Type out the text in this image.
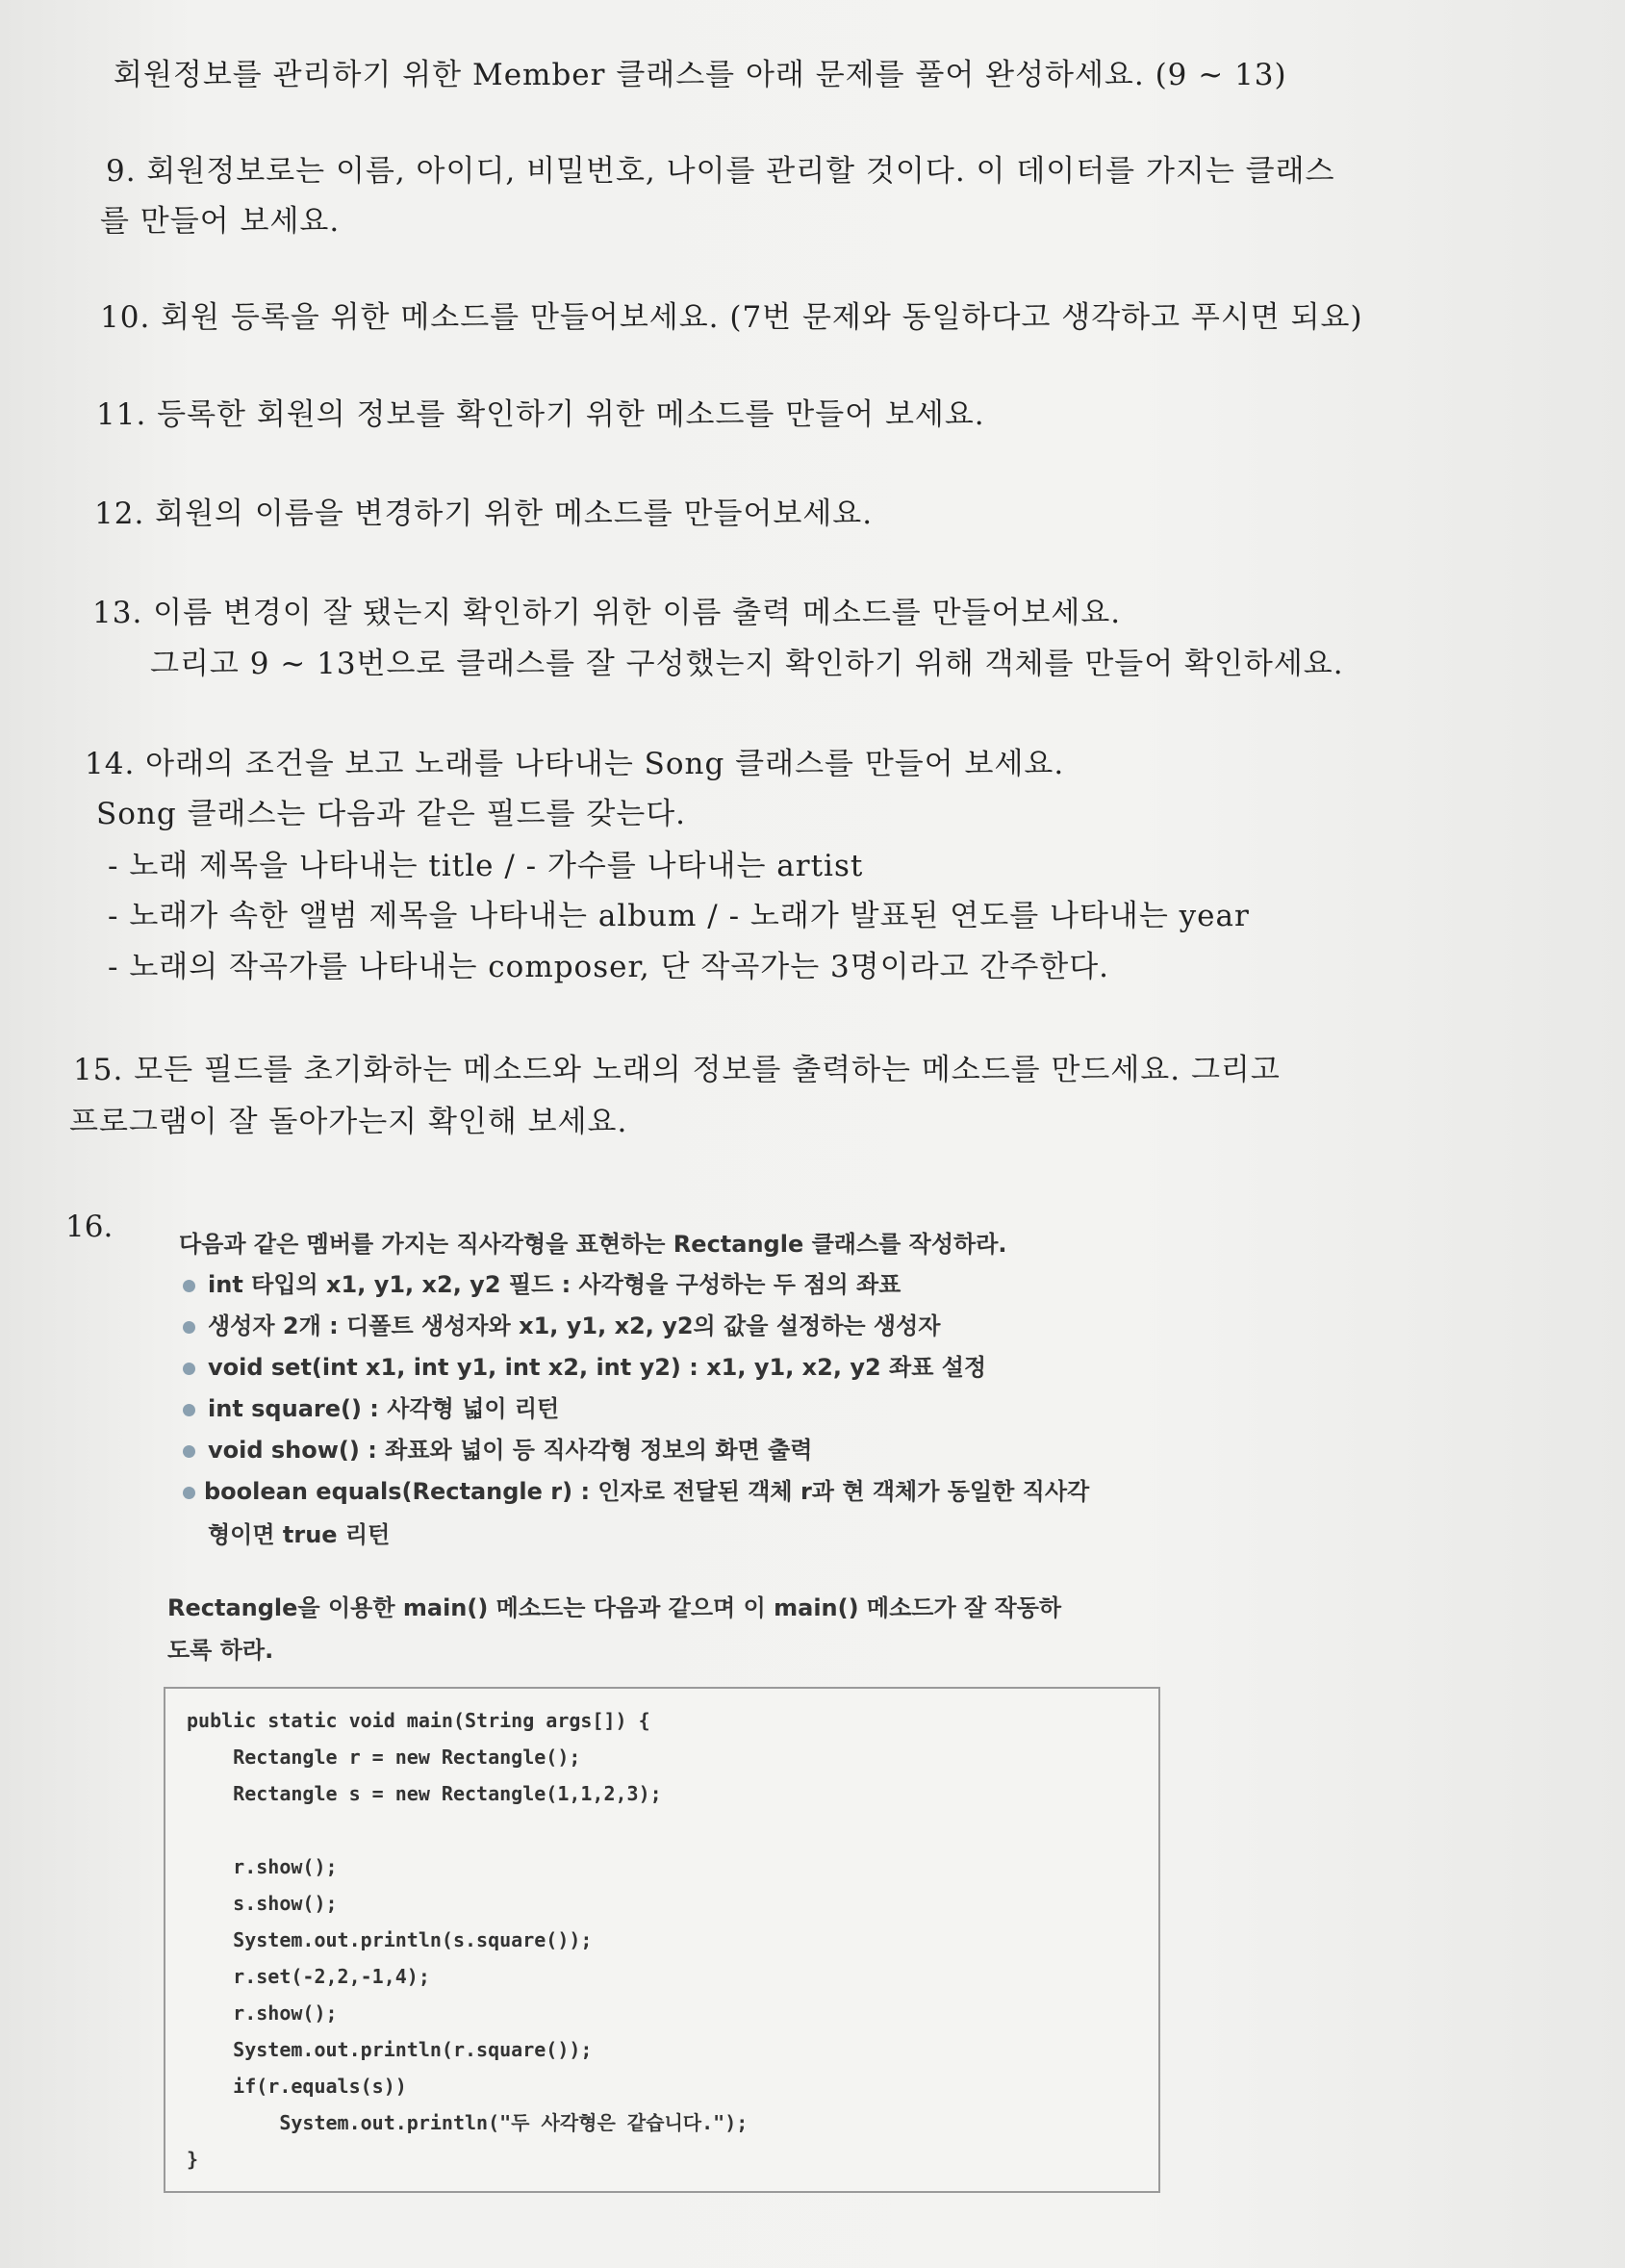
회원정보를 관리하기 위한 Member 클래스를 아래 문제를 풀어 완성하세요. (9 ~ 13)
9. 회원정보로는 이름, 아이디, 비밀번호, 나이를 관리할 것이다. 이 데이터를 가지는 클래스
를 만들어 보세요.
10. 회원 등록을 위한 메소드를 만들어보세요. (7번 문제와 동일하다고 생각하고 푸시면 되요)
11. 등록한 회원의 정보를 확인하기 위한 메소드를 만들어 보세요.
12. 회원의 이름을 변경하기 위한 메소드를 만들어보세요.
13. 이름 변경이 잘 됐는지 확인하기 위한 이름 출력 메소드를 만들어보세요.
그리고 9 ~ 13번으로 클래스를 잘 구성했는지 확인하기 위해 객체를 만들어 확인하세요.
14. 아래의 조건을 보고 노래를 나타내는 Song 클래스를 만들어 보세요.
Song 클래스는 다음과 같은 필드를 갖는다.
- 노래 제목을 나타내는 title / - 가수를 나타내는 artist
- 노래가 속한 앨범 제목을 나타내는 album / - 노래가 발표된 연도를 나타내는 year
- 노래의 작곡가를 나타내는 composer, 단 작곡가는 3명이라고 간주한다.
15. 모든 필드를 초기화하는 메소드와 노래의 정보를 출력하는 메소드를 만드세요. 그리고
프로그램이 잘 돌아가는지 확인해 보세요.
16.	다음과 같은 멤버를 가지는 직사각형을 표현하는 Rectangle 클래스를 작성하라.
int 타입의 x1, y1, x2, y2 필드 : 사각형을 구성하는 두 점의 좌표
생성자 2개 : 디폴트 생성자와 x1, y1, x2, y2의 값을 설정하는 생성자
void set(int x1, int y1, int x2, int y2) : x1, y1, x2, y2 좌표 설정
int square() : 사각형 넓이 리턴
void show() : 좌표와 넓이 등 직사각형 정보의 화면 출력
boolean equals(Rectangle r) : 인자로 전달된 객체 r과 현 객체가 동일한 직사각
형이면 true 리턴
Rectangle을 이용한 main() 메소드는 다음과 같으며 이 main() 메소드가 잘 작동하
도록 하라.
public static void main(String args[]) {
Rectangle r = new Rectangle();
Rectangle s = new Rectangle(1,1,2,3);
r.show();
s.show();
System.out.println(s.square());
r.set(-2,2,-1,4);
r.show();
System.out.println(r.square());
if(r.equals(s))
System.out.println("두 사각형은 같습니다.");
}
